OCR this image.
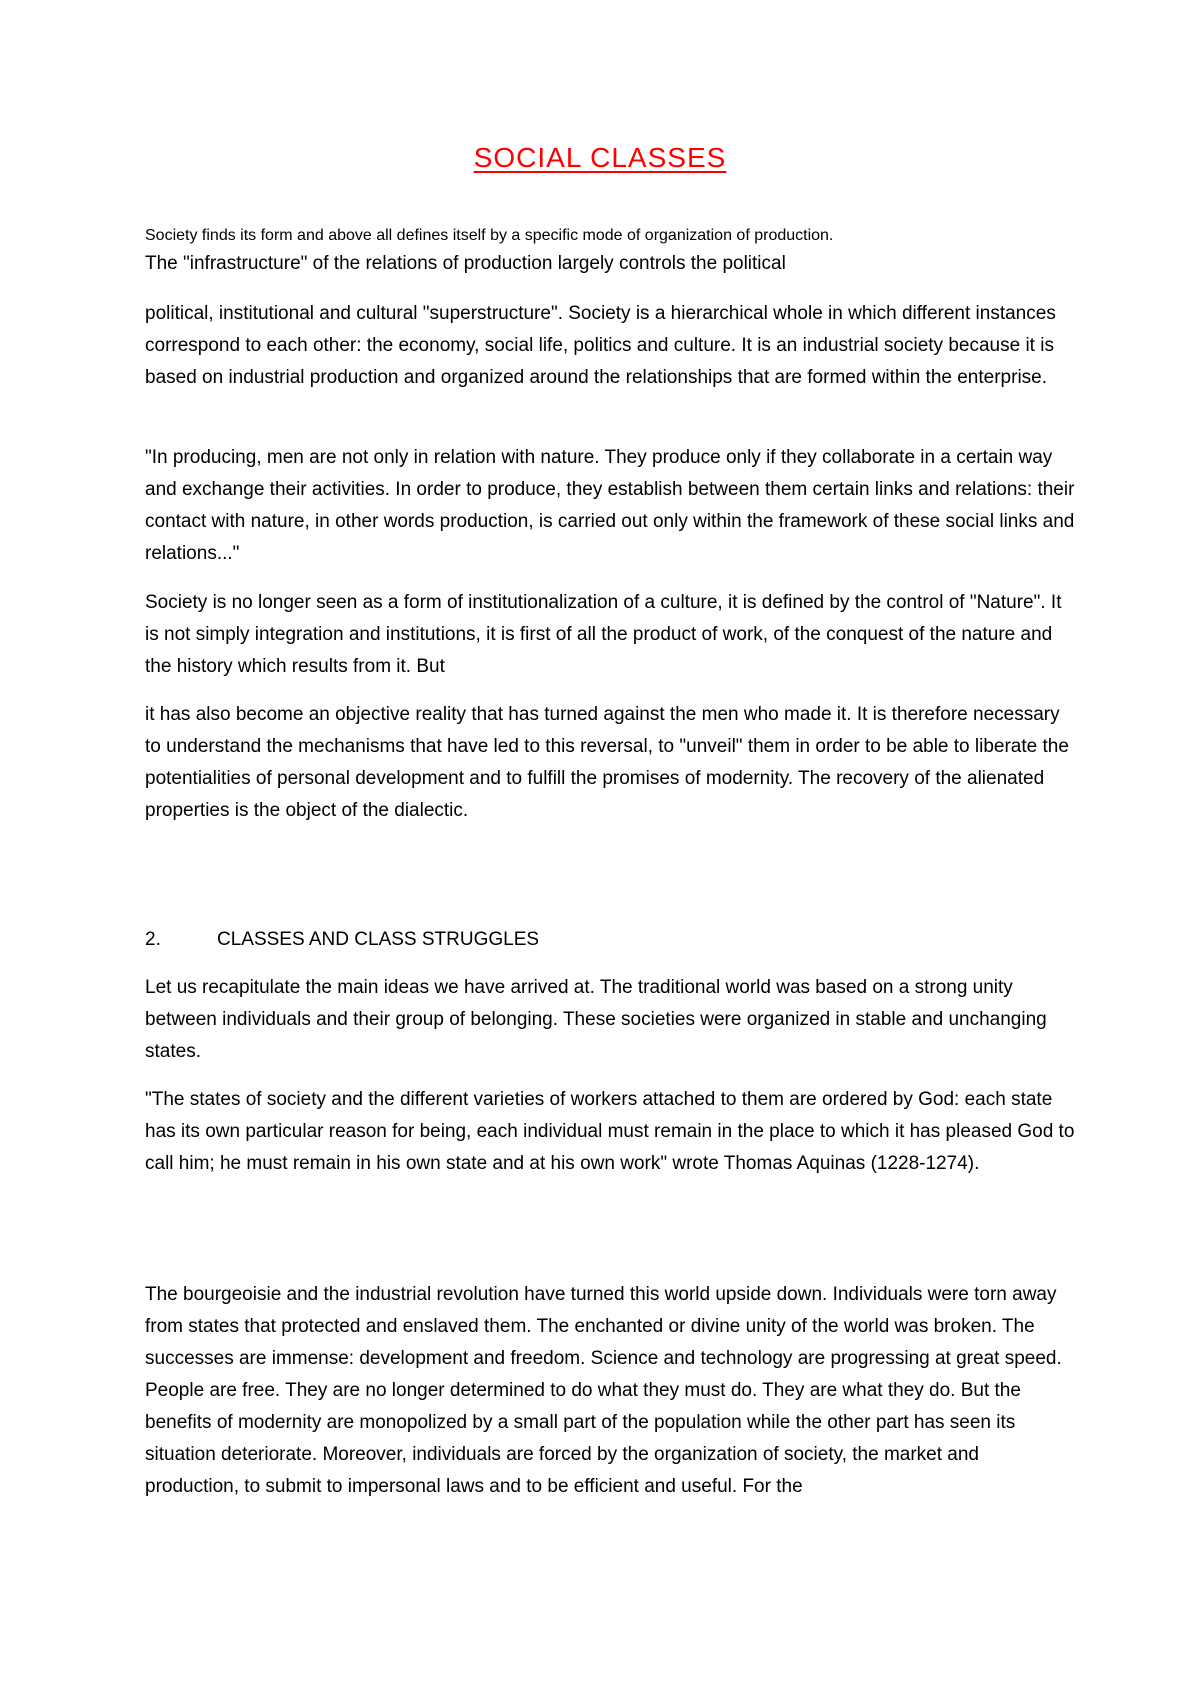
SOCIAL CLASSES

Society finds its form and above all defines itself by a specific mode of organization of production.

The "infrastructure" of the relations of production largely controls the political

political, institutional and cultural "superstructure". Society is a hierarchical whole in which different instances correspond to each other: the economy, social life, politics and culture. It is an industrial society because it is based on industrial production and organized around the relationships that are formed within the enterprise.

"In producing, men are not only in relation with nature. They produce only if they collaborate in a certain way and exchange their activities. In order to produce, they establish between them certain links and relations: their contact with nature, in other words production, is carried out only within the framework of these social links and relations..."

Society is no longer seen as a form of institutionalization of a culture, it is defined by the control of "Nature". It is not simply integration and institutions, it is first of all the product of work, of the conquest of the nature and the history which results from it. But

it has also become an objective reality that has turned against the men who made it. It is therefore necessary to understand the mechanisms that have led to this reversal, to "unveil" them in order to be able to liberate the potentialities of personal development and to fulfill the promises of modernity. The recovery of the alienated properties is the object of the dialectic.

2.	CLASSES AND CLASS STRUGGLES

Let us recapitulate the main ideas we have arrived at. The traditional world was based on a strong unity between individuals and their group of belonging. These societies were organized in stable and unchanging states.

"The states of society and the different varieties of workers attached to them are ordered by God: each state has its own particular reason for being, each individual must remain in the place to which it has pleased God to call him; he must remain in his own state and at his own work" wrote Thomas Aquinas (1228-1274).

The bourgeoisie and the industrial revolution have turned this world upside down. Individuals were torn away from states that protected and enslaved them. The enchanted or divine unity of the world was broken. The successes are immense: development and freedom. Science and technology are progressing at great speed. People are free. They are no longer determined to do what they must do. They are what they do. But the benefits of modernity are monopolized by a small part of the population while the other part has seen its situation deteriorate. Moreover, individuals are forced by the organization of society, the market and production, to submit to impersonal laws and to be efficient and useful. For the
